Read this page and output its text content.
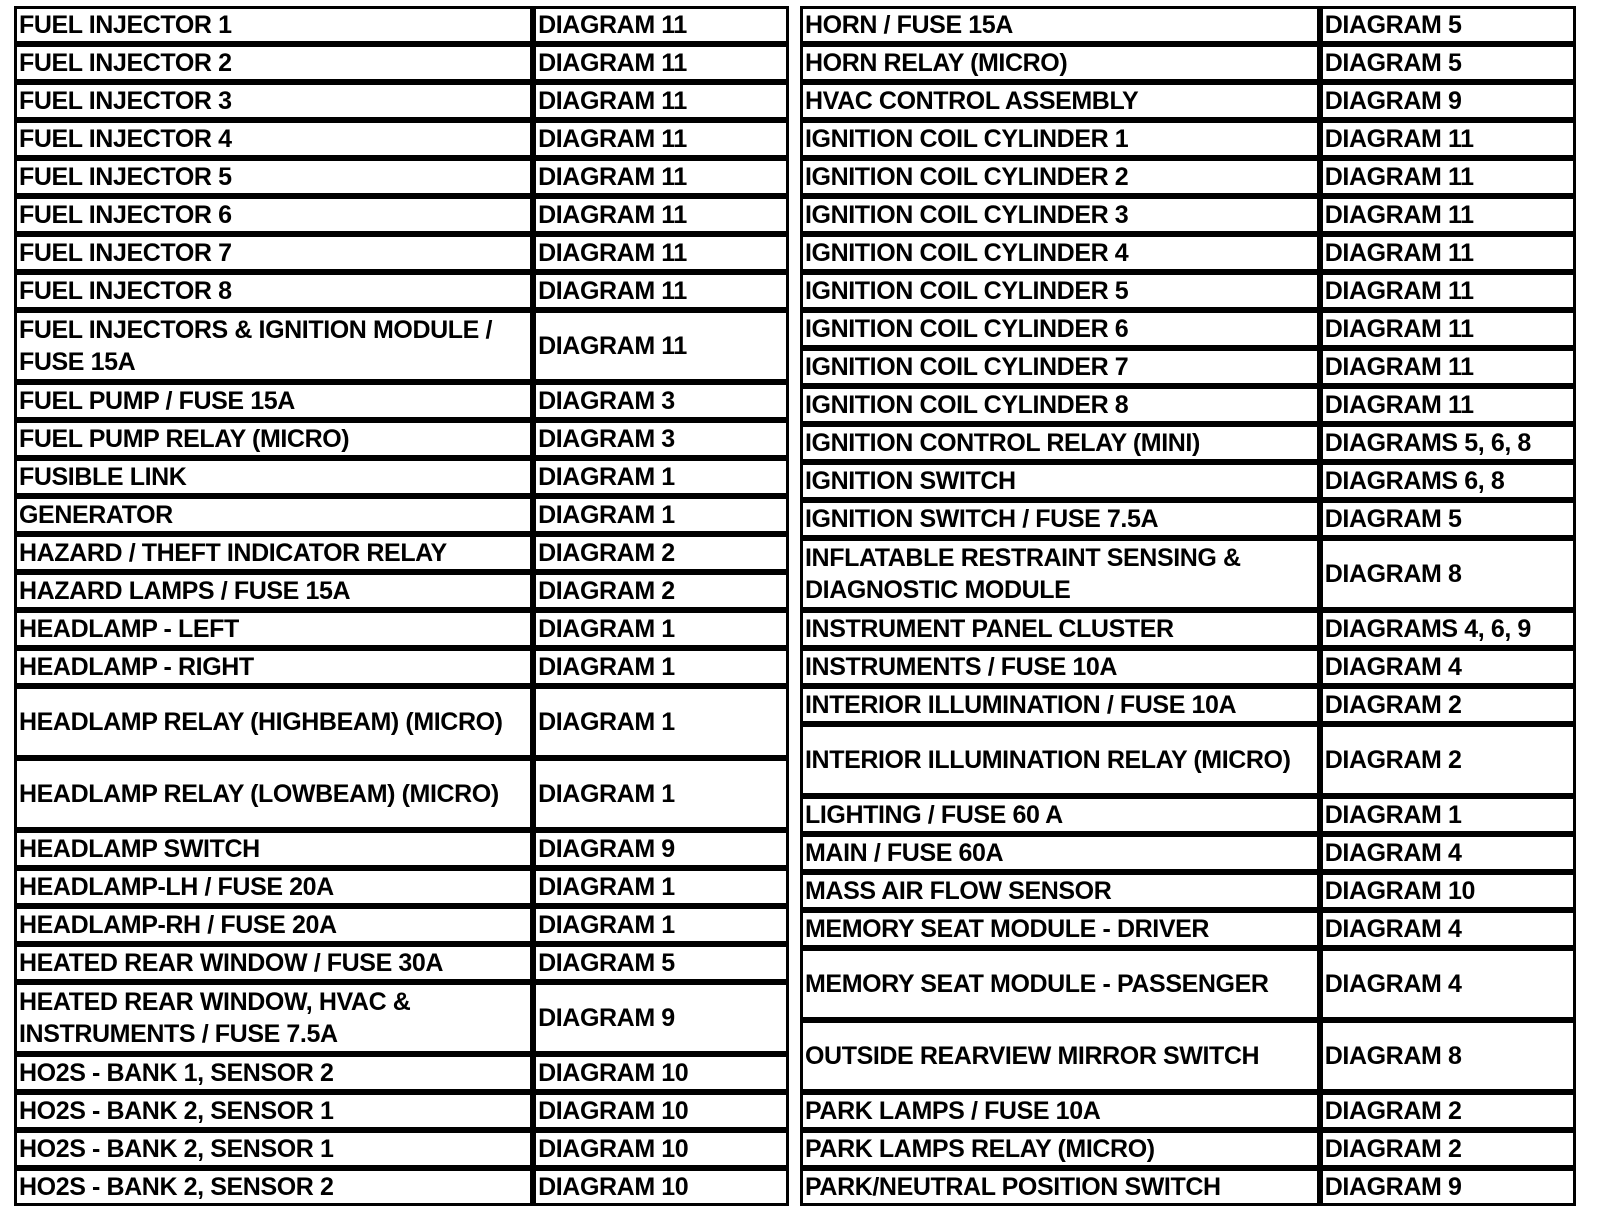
FUEL INJECTOR 1	DIAGRAM 11
FUEL INJECTOR 2	DIAGRAM 11
FUEL INJECTOR 3	DIAGRAM 11
FUEL INJECTOR 4	DIAGRAM 11
FUEL INJECTOR 5	DIAGRAM 11
FUEL INJECTOR 6	DIAGRAM 11
FUEL INJECTOR 7	DIAGRAM 11
FUEL INJECTOR 8	DIAGRAM 11
FUEL INJECTORS & IGNITION MODULE / FUSE 15A	DIAGRAM 11
FUEL PUMP / FUSE 15A	DIAGRAM 3
FUEL PUMP RELAY (MICRO)	DIAGRAM 3
FUSIBLE LINK	DIAGRAM 1
GENERATOR	DIAGRAM 1
HAZARD / THEFT INDICATOR RELAY	DIAGRAM 2
HAZARD LAMPS / FUSE 15A	DIAGRAM 2
HEADLAMP - LEFT	DIAGRAM 1
HEADLAMP - RIGHT	DIAGRAM 1
HEADLAMP RELAY (HIGHBEAM) (MICRO)	DIAGRAM 1
HEADLAMP RELAY (LOWBEAM) (MICRO)	DIAGRAM 1
HEADLAMP SWITCH	DIAGRAM 9
HEADLAMP-LH / FUSE 20A	DIAGRAM 1
HEADLAMP-RH / FUSE 20A	DIAGRAM 1
HEATED REAR WINDOW / FUSE 30A	DIAGRAM 5
HEATED REAR WINDOW, HVAC & INSTRUMENTS / FUSE 7.5A	DIAGRAM 9
HO2S - BANK 1, SENSOR 2	DIAGRAM 10
HO2S - BANK 2, SENSOR 1	DIAGRAM 10
HO2S - BANK 2, SENSOR 1	DIAGRAM 10
HO2S - BANK 2, SENSOR 2	DIAGRAM 10
HORN / FUSE 15A	DIAGRAM 5
HORN RELAY (MICRO)	DIAGRAM 5
HVAC CONTROL ASSEMBLY	DIAGRAM 9
IGNITION COIL CYLINDER 1	DIAGRAM 11
IGNITION COIL CYLINDER 2	DIAGRAM 11
IGNITION COIL CYLINDER 3	DIAGRAM 11
IGNITION COIL CYLINDER 4	DIAGRAM 11
IGNITION COIL CYLINDER 5	DIAGRAM 11
IGNITION COIL CYLINDER 6	DIAGRAM 11
IGNITION COIL CYLINDER 7	DIAGRAM 11
IGNITION COIL CYLINDER 8	DIAGRAM 11
IGNITION CONTROL RELAY (MINI)	DIAGRAMS 5, 6, 8
IGNITION SWITCH	DIAGRAMS 6, 8
IGNITION SWITCH / FUSE 7.5A	DIAGRAM 5
INFLATABLE RESTRAINT SENSING & DIAGNOSTIC MODULE	DIAGRAM 8
INSTRUMENT PANEL CLUSTER	DIAGRAMS 4, 6, 9
INSTRUMENTS / FUSE 10A	DIAGRAM 4
INTERIOR ILLUMINATION / FUSE 10A	DIAGRAM 2
INTERIOR ILLUMINATION RELAY (MICRO)	DIAGRAM 2
LIGHTING / FUSE 60 A	DIAGRAM 1
MAIN / FUSE 60A	DIAGRAM 4
MASS AIR FLOW SENSOR	DIAGRAM 10
MEMORY SEAT MODULE - DRIVER	DIAGRAM 4
MEMORY SEAT MODULE - PASSENGER	DIAGRAM 4
OUTSIDE REARVIEW MIRROR SWITCH	DIAGRAM 8
PARK LAMPS / FUSE 10A	DIAGRAM 2
PARK LAMPS RELAY (MICRO)	DIAGRAM 2
PARK/NEUTRAL POSITION SWITCH	DIAGRAM 9
